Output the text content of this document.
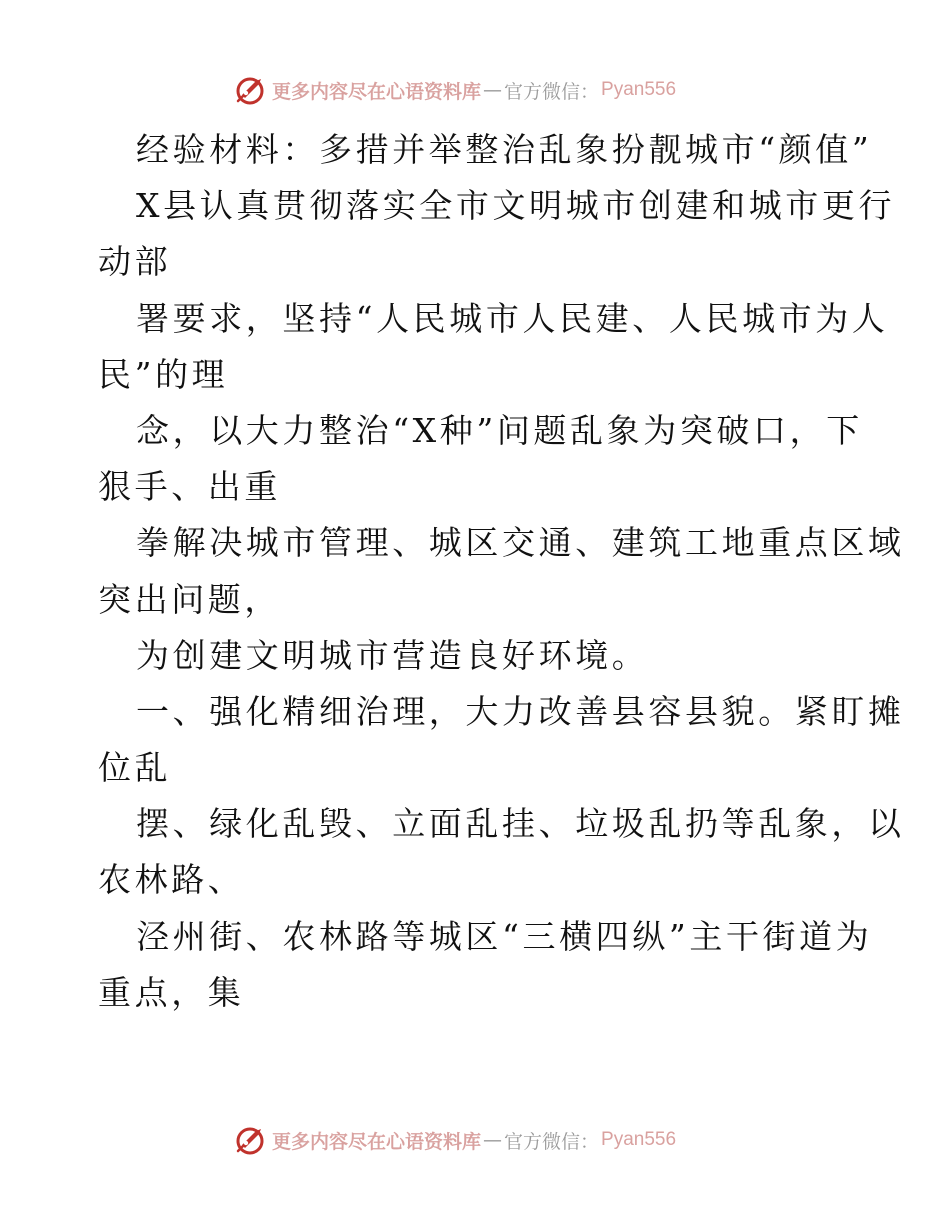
更多内容尽在心语资料库 — 官方微信： Pyan556
经验材料：多措并举整治乱象扮靓城市“颜值”
X县认真贯彻落实全市文明城市创建和城市更行
动部
署要求，坚持“人民城市人民建、人民城市为人
民”的理
念，以大力整治“X种”问题乱象为突破口，下
狠手、出重
拳解决城市管理、城区交通、建筑工地重点区域
突出问题，
为创建文明城市营造良好环境。
一、强化精细治理，大力改善县容县貌。紧盯摊
位乱
摆、绿化乱毁、立面乱挂、垃圾乱扔等乱象，以
农林路、
泾州街、农林路等城区“三横四纵”主干街道为
重点，集
更多内容尽在心语资料库 — 官方微信： Pyan556
